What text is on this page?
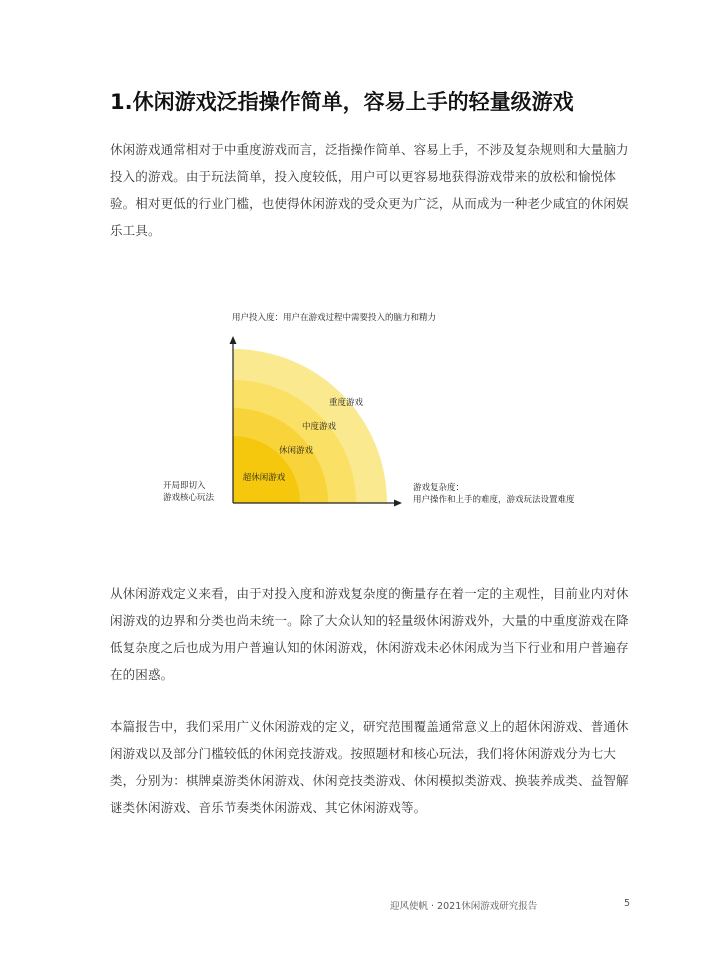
1.休闲游戏泛指操作简单，容易上手的轻量级游戏

休闲游戏通常相对于中重度游戏而言，泛指操作简单、容易上手，不涉及复杂规则和大量脑力投入的游戏。由于玩法简单，投入度较低，用户可以更容易地获得游戏带来的放松和愉悦体验。相对更低的行业门槛，也使得休闲游戏的受众更为广泛，从而成为一种老少咸宜的休闲娱乐工具。

重度游戏
中度游戏
休闲游戏
超休闲游戏
用户投入度：用户在游戏过程中需要投入的脑力和精力
开局即切入
游戏核心玩法
游戏复杂度：
用户操作和上手的难度，游戏玩法设置难度

从休闲游戏定义来看，由于对投入度和游戏复杂度的衡量存在着一定的主观性，目前业内对休闲游戏的边界和分类也尚未统一。除了大众认知的轻量级休闲游戏外，大量的中重度游戏在降低复杂度之后也成为用户普遍认知的休闲游戏，休闲游戏未必休闲成为当下行业和用户普遍存在的困惑。

本篇报告中，我们采用广义休闲游戏的定义，研究范围覆盖通常意义上的超休闲游戏、普通休闲游戏以及部分门槛较低的休闲竞技游戏。按照题材和核心玩法，我们将休闲游戏分为七大类，分别为：棋牌桌游类休闲游戏、休闲竞技类游戏、休闲模拟类游戏、换装养成类、益智解谜类休闲游戏、音乐节奏类休闲游戏、其它休闲游戏等。

迎风使帆 · 2021休闲游戏研究报告	5
